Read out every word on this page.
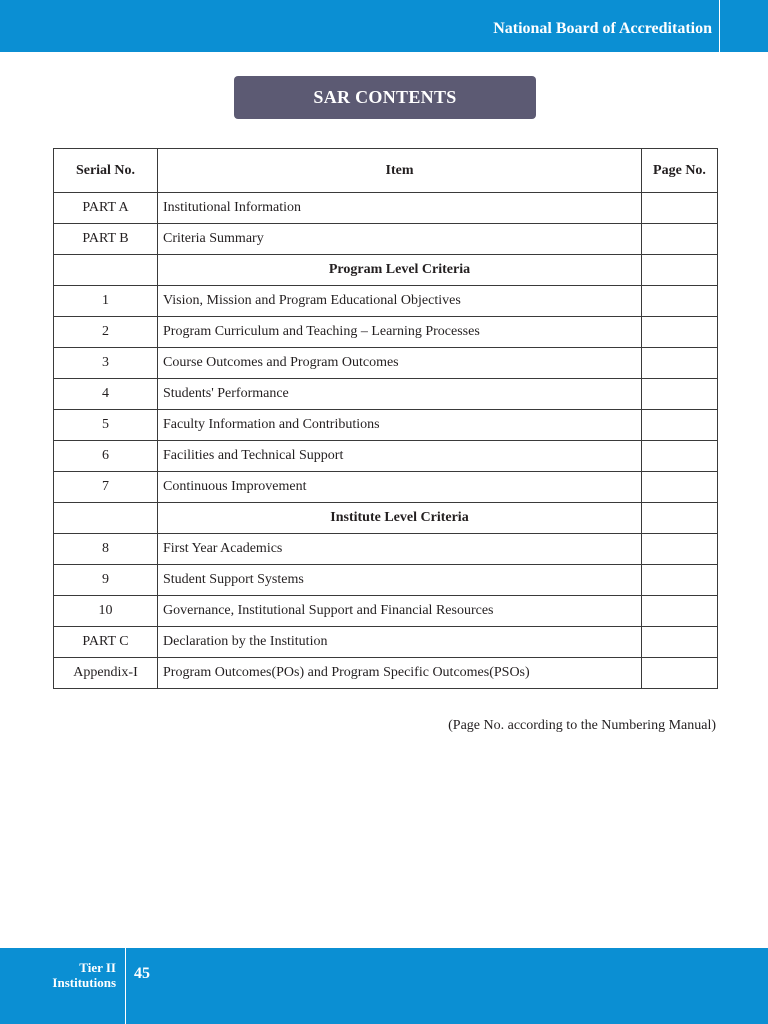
National Board of Accreditation
SAR CONTENTS
Serial No.	Item	Page No.
PART A	Institutional Information	
PART B	Criteria Summary	
	Program Level Criteria	
1	Vision, Mission and Program Educational Objectives	
2	Program Curriculum and Teaching – Learning Processes	
3	Course Outcomes and Program Outcomes	
4	Students' Performance	
5	Faculty Information and Contributions	
6	Facilities and Technical Support	
7	Continuous Improvement	
	Institute Level Criteria	
8	First Year Academics	
9	Student Support Systems	
10	Governance, Institutional Support and Financial Resources	
PART C	Declaration by the Institution	
Appendix-I	Program Outcomes(POs) and Program Specific Outcomes(PSOs)	
(Page No. according to the Numbering Manual)
Tier II
Institutions
45
